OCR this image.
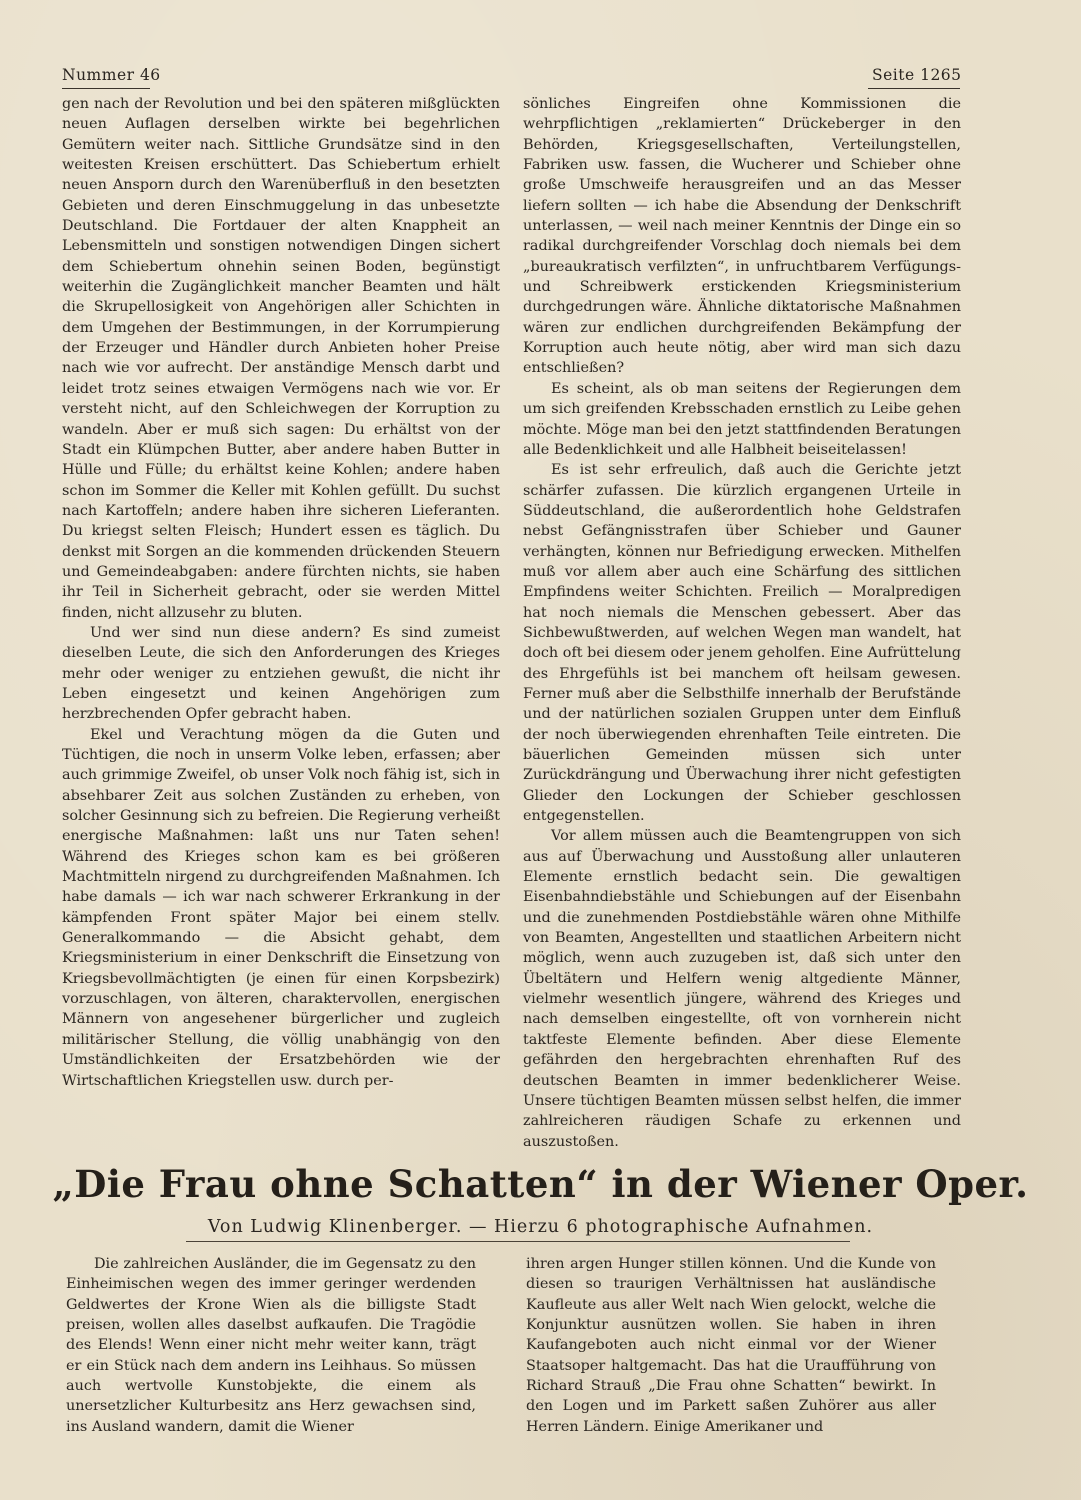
Nummer 46	Seite 1265

gen nach der Revolution und bei den späteren mißglückten neuen Auflagen derselben wirkte bei begehrlichen Gemütern weiter nach. Sittliche Grundsätze sind in den weitesten Kreisen erschüttert. Das Schiebertum erhielt neuen Ansporn durch den Warenüberfluß in den besetzten Gebieten und deren Einschmuggelung in das unbesetzte Deutschland. Die Fortdauer der alten Knappheit an Lebensmitteln und sonstigen notwendigen Dingen sichert dem Schiebertum ohnehin seinen Boden, begünstigt weiterhin die Zugänglichkeit mancher Beamten und hält die Skrupellosigkeit von Angehörigen aller Schichten in dem Umgehen der Bestimmungen, in der Korrumpierung der Erzeuger und Händler durch Anbieten hoher Preise nach wie vor aufrecht. Der anständige Mensch darbt und leidet trotz seines etwaigen Vermögens nach wie vor. Er versteht nicht, auf den Schleichwegen der Korruption zu wandeln. Aber er muß sich sagen: Du erhältst von der Stadt ein Klümpchen Butter, aber andere haben Butter in Hülle und Fülle; du erhältst keine Kohlen; andere haben schon im Sommer die Keller mit Kohlen gefüllt. Du suchst nach Kartoffeln; andere haben ihre sicheren Lieferanten. Du kriegst selten Fleisch; Hundert essen es täglich. Du denkst mit Sorgen an die kommenden drückenden Steuern und Gemeindeabgaben: andere fürchten nichts, sie haben ihr Teil in Sicherheit gebracht, oder sie werden Mittel finden, nicht allzusehr zu bluten.

Und wer sind nun diese andern? Es sind zumeist dieselben Leute, die sich den Anforderungen des Krieges mehr oder weniger zu entziehen gewußt, die nicht ihr Leben eingesetzt und keinen Angehörigen zum herzbrechenden Opfer gebracht haben.

Ekel und Verachtung mögen da die Guten und Tüchtigen, die noch in unserm Volke leben, erfassen; aber auch grimmige Zweifel, ob unser Volk noch fähig ist, sich in absehbarer Zeit aus solchen Zuständen zu erheben, von solcher Gesinnung sich zu befreien. Die Regierung verheißt energische Maßnahmen: laßt uns nur Taten sehen! Während des Krieges schon kam es bei größeren Machtmitteln nirgend zu durchgreifenden Maßnahmen. Ich habe damals — ich war nach schwerer Erkrankung in der kämpfenden Front später Major bei einem stellv. Generalkommando — die Absicht gehabt, dem Kriegsministerium in einer Denkschrift die Einsetzung von Kriegsbevollmächtigten (je einen für einen Korpsbezirk) vorzuschlagen, von älteren, charaktervollen, energischen Männern von angesehener bürgerlicher und zugleich militärischer Stellung, die völlig unabhängig von den Umständlichkeiten der Ersatzbehörden wie der Wirtschaftlichen Kriegstellen usw. durch per-

sönliches Eingreifen ohne Kommissionen die wehrpflichtigen „reklamierten“ Drückeberger in den Behörden, Kriegsgesellschaften, Verteilungstellen, Fabriken usw. fassen, die Wucherer und Schieber ohne große Umschweife herausgreifen und an das Messer liefern sollten — ich habe die Absendung der Denkschrift unterlassen, — weil nach meiner Kenntnis der Dinge ein so radikal durchgreifender Vorschlag doch niemals bei dem „bureaukratisch verfilzten“, in unfruchtbarem Verfügungs- und Schreibwerk erstickenden Kriegsministerium durchgedrungen wäre. Ähnliche diktatorische Maßnahmen wären zur endlichen durchgreifenden Bekämpfung der Korruption auch heute nötig, aber wird man sich dazu entschließen?

Es scheint, als ob man seitens der Regierungen dem um sich greifenden Krebsschaden ernstlich zu Leibe gehen möchte. Möge man bei den jetzt stattfindenden Beratungen alle Bedenklichkeit und alle Halbheit beiseitelassen!

Es ist sehr erfreulich, daß auch die Gerichte jetzt schärfer zufassen. Die kürzlich ergangenen Urteile in Süddeutschland, die außerordentlich hohe Geldstrafen nebst Gefängnisstrafen über Schieber und Gauner verhängten, können nur Befriedigung erwecken. Mithelfen muß vor allem aber auch eine Schärfung des sittlichen Empfindens weiter Schichten. Freilich — Moralpredigen hat noch niemals die Menschen gebessert. Aber das Sichbewußtwerden, auf welchen Wegen man wandelt, hat doch oft bei diesem oder jenem geholfen. Eine Aufrüttelung des Ehrgefühls ist bei manchem oft heilsam gewesen. Ferner muß aber die Selbsthilfe innerhalb der Berufstände und der natürlichen sozialen Gruppen unter dem Einfluß der noch überwiegenden ehrenhaften Teile eintreten. Die bäuerlichen Gemeinden müssen sich unter Zurückdrängung und Überwachung ihrer nicht gefestigten Glieder den Lockungen der Schieber geschlossen entgegenstellen.

Vor allem müssen auch die Beamtengruppen von sich aus auf Überwachung und Ausstoßung aller unlauteren Elemente ernstlich bedacht sein. Die gewaltigen Eisenbahndiebstähle und Schiebungen auf der Eisenbahn und die zunehmenden Postdiebstähle wären ohne Mithilfe von Beamten, Angestellten und staatlichen Arbeitern nicht möglich, wenn auch zuzugeben ist, daß sich unter den Übeltätern und Helfern wenig altgediente Männer, vielmehr wesentlich jüngere, während des Krieges und nach demselben eingestellte, oft von vornherein nicht taktfeste Elemente befinden. Aber diese Elemente gefährden den hergebrachten ehrenhaften Ruf des deutschen Beamten in immer bedenklicherer Weise. Unsere tüchtigen Beamten müssen selbst helfen, die immer zahlreicheren räudigen Schafe zu erkennen und auszustoßen.

„Die Frau ohne Schatten“ in der Wiener Oper.
Von Ludwig Klinenberger. — Hierzu 6 photographische Aufnahmen.

Die zahlreichen Ausländer, die im Gegensatz zu den Einheimischen wegen des immer geringer werdenden Geldwertes der Krone Wien als die billigste Stadt preisen, wollen alles daselbst aufkaufen. Die Tragödie des Elends! Wenn einer nicht mehr weiter kann, trägt er ein Stück nach dem andern ins Leihhaus. So müssen auch wertvolle Kunstobjekte, die einem als unersetzlicher Kulturbesitz ans Herz gewachsen sind, ins Ausland wandern, damit die Wiener

ihren argen Hunger stillen können. Und die Kunde von diesen so traurigen Verhältnissen hat ausländische Kaufleute aus aller Welt nach Wien gelockt, welche die Konjunktur ausnützen wollen. Sie haben in ihren Kaufangeboten auch nicht einmal vor der Wiener Staatsoper haltgemacht. Das hat die Uraufführung von Richard Strauß „Die Frau ohne Schatten“ bewirkt. In den Logen und im Parkett saßen Zuhörer aus aller Herren Ländern. Einige Amerikaner und
